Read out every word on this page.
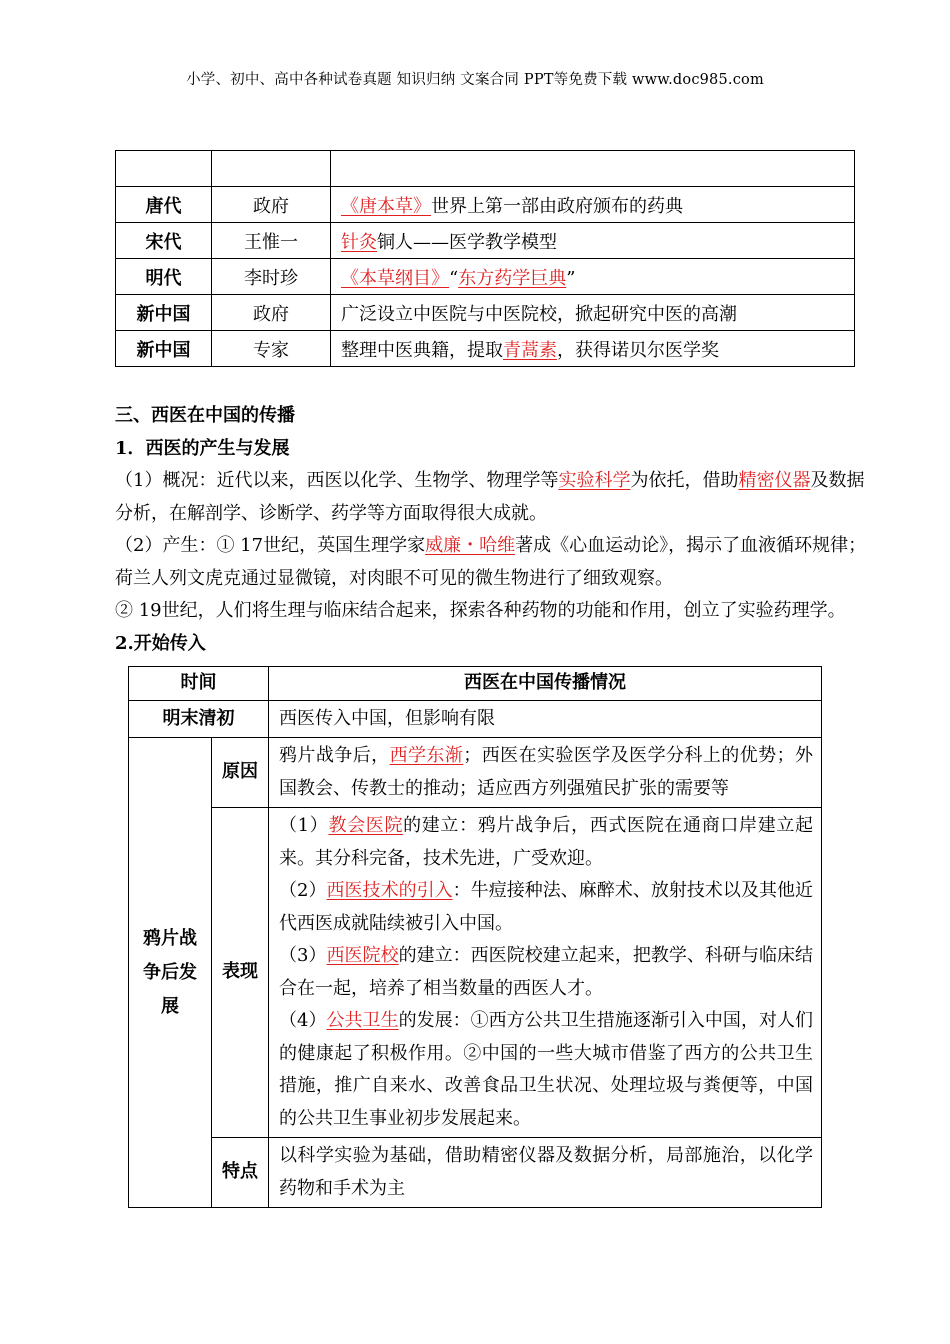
小学、初中、高中各种试卷真题 知识归纳 文案合同 PPT等免费下载 www.doc985.com

唐代	政府	《唐本草》世界上第一部由政府颁布的药典
宋代	王惟一	针灸铜人——医学教学模型
明代	李时珍	《本草纲目》“东方药学巨典”
新中国	政府	广泛设立中医院与中医院校，掀起研究中医的高潮
新中国	专家	整理中医典籍，提取青蒿素，获得诺贝尔医学奖
三、西医在中国的传播
1．西医的产生与发展
（1）概况：近代以来，西医以化学、生物学、物理学等实验科学为依托，借助精密仪器及数据分析，在解剖学、诊断学、药学等方面取得很大成就。
（2）产生：① 17世纪，英国生理学家威廉・哈维著成《心血运动论》，揭示了血液循环规律；荷兰人列文虎克通过显微镜，对肉眼不可见的微生物进行了细致观察。
② 19世纪，人们将生理与临床结合起来，探索各种药物的功能和作用，创立了实验药理学。
2.开始传入
时间		西医在中国传播情况
明末清初		西医传入中国，但影响有限

鸦片战争后发展	原因	鸦片战争后，西学东渐；西医在实验医学及医学分科上的优势；外国教会、传教士的推动；适应西方列强殖民扩张的需要等
	表现	（1）教会医院的建立：鸦片战争后，西式医院在通商口岸建立起来。其分科完备，技术先进，广受欢迎。
（2）西医技术的引入：牛痘接种法、麻醉术、放射技术以及其他近代西医成就陆续被引入中国。
（3）西医院校的建立：西医院校建立起来，把教学、科研与临床结合在一起，培养了相当数量的西医人才。
（4）公共卫生的发展：①西方公共卫生措施逐渐引入中国，对人们的健康起了积极作用。②中国的一些大城市借鉴了西方的公共卫生措施，推广自来水、改善食品卫生状况、处理垃圾与粪便等，中国的公共卫生事业初步发展起来。

	特点	以科学实验为基础，借助精密仪器及数据分析，局部施治，以化学药物和手术为主
